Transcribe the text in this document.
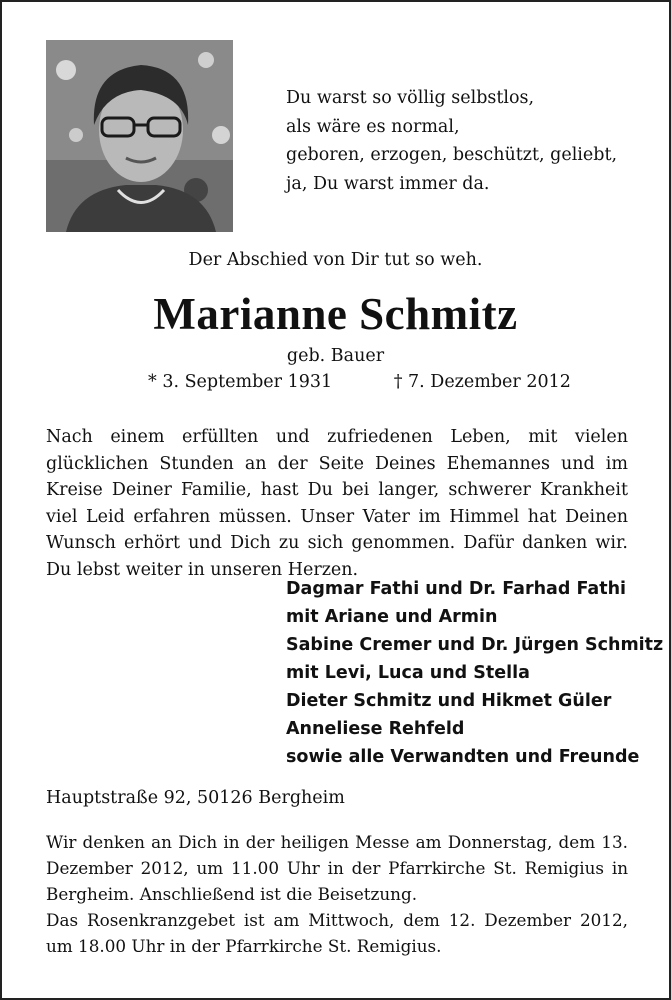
Du warst so völlig selbstlos,
als wäre es normal,
geboren, erzogen, beschützt, geliebt,
ja, Du warst immer da.
Der Abschied von Dir tut so weh.
Marianne Schmitz
geb. Bauer
* 3. September 1931	† 7. Dezember 2012
Nach einem erfüllten und zufriedenen Leben, mit vielen glücklichen Stunden an der Seite Deines Ehemannes und im Kreise Deiner Familie, hast Du bei langer, schwerer Krankheit viel Leid erfahren müssen. Unser Vater im Himmel hat Deinen Wunsch erhört und Dich zu sich genommen. Dafür danken wir. Du lebst weiter in unseren Herzen.
Dagmar Fathi und Dr. Farhad Fathi
mit Ariane und Armin
Sabine Cremer und Dr. Jürgen Schmitz
mit Levi, Luca und Stella
Dieter Schmitz und Hikmet Güler
Anneliese Rehfeld
sowie alle Verwandten und Freunde
Hauptstraße 92, 50126 Bergheim

Wir denken an Dich in der heiligen Messe am Donnerstag, dem 13. Dezember 2012, um 11.00 Uhr in der Pfarrkirche St. Remigius in Bergheim. Anschließend ist die Beisetzung.

Das Rosenkranzgebet ist am Mittwoch, dem 12. Dezember 2012, um 18.00 Uhr in der Pfarrkirche St. Remigius.
